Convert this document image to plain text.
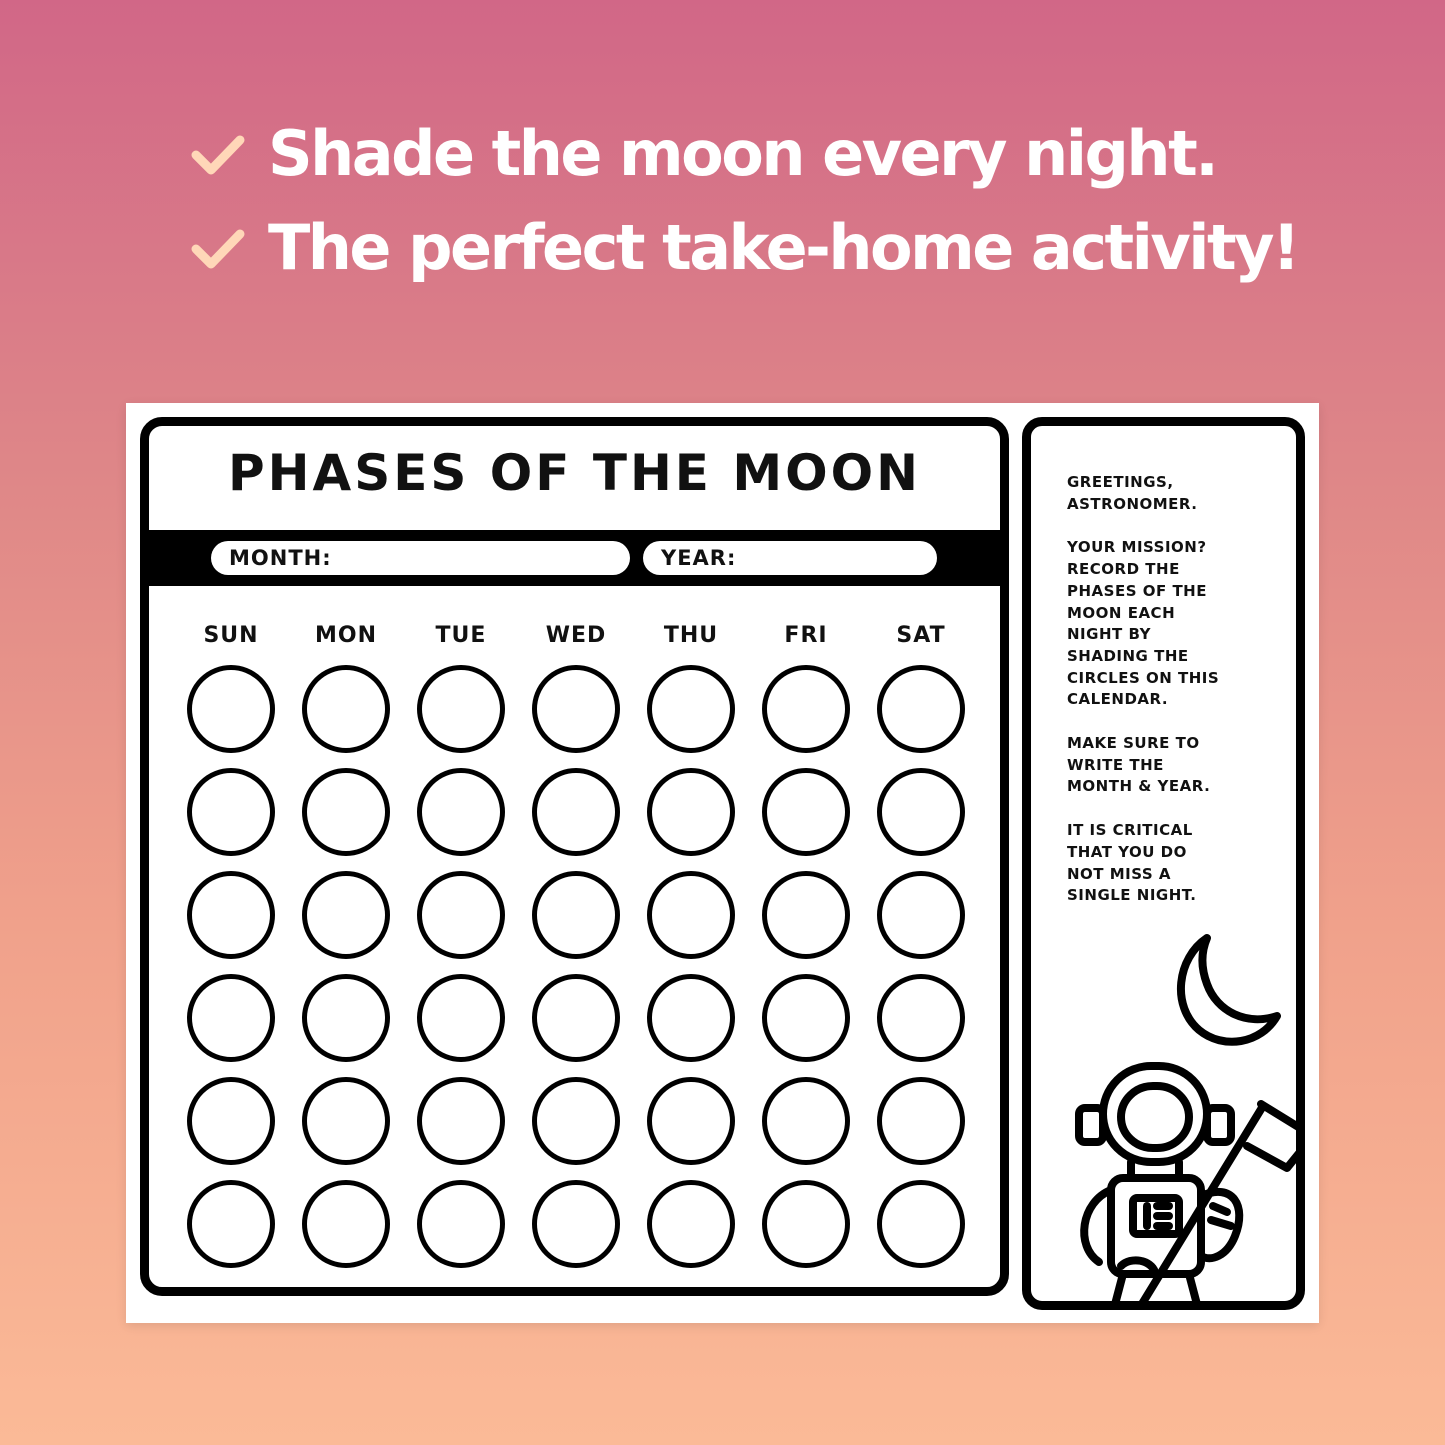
Shade the moon every night.
The perfect take-home activity!
PHASES OF THE MOON
MONTH:	YEAR:
SUN	MON	TUE	WED	THU	FRI	SAT

GREETINGS,
ASTRONOMER.

YOUR MISSION?
RECORD THE
PHASES OF THE
MOON EACH
NIGHT BY
SHADING THE
CIRCLES ON THIS
CALENDAR.

MAKE SURE TO
WRITE THE
MONTH & YEAR.

IT IS CRITICAL
THAT YOU DO
NOT MISS A
SINGLE NIGHT.
